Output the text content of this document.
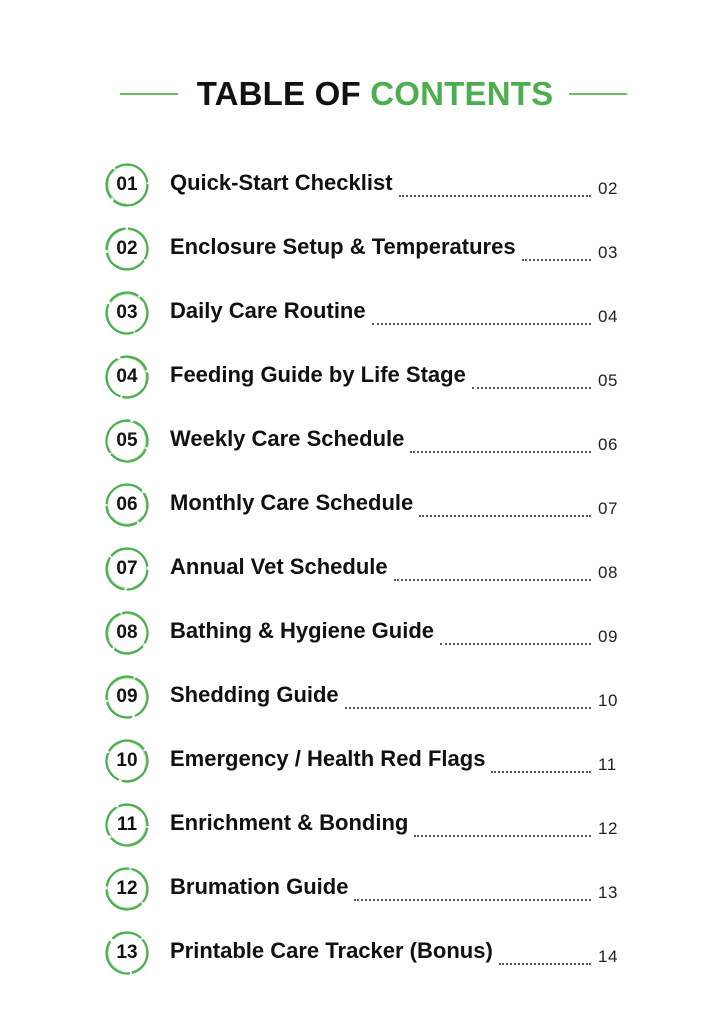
TABLE OF CONTENTS
01	Quick-Start Checklist	02
02	Enclosure Setup & Temperatures	03
03	Daily Care Routine	04
04	Feeding Guide by Life Stage	05
05	Weekly Care Schedule	06
06	Monthly Care Schedule	07
07	Annual Vet Schedule	08
08	Bathing & Hygiene Guide	09
09	Shedding Guide	10
10	Emergency / Health Red Flags	11
11	Enrichment & Bonding	12
12	Brumation Guide	13
13	Printable Care Tracker (Bonus)	14
